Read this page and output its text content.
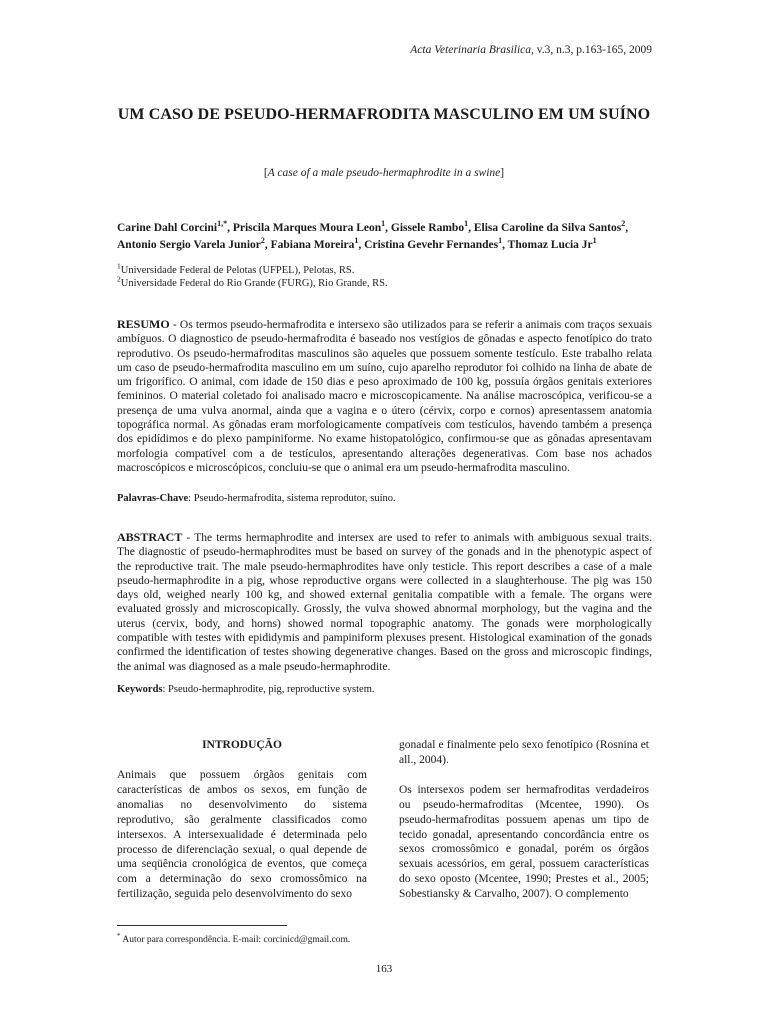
Acta Veterinaria Brasilica, v.3, n.3, p.163-165, 2009
UM CASO DE PSEUDO-HERMAFRODITA MASCULINO EM UM SUÍNO
[A case of a male pseudo-hermaphrodite in a swine]
Carine Dahl Corcini$^{1,*}$, Priscila Marques Moura Leon$^1$, Gissele Rambo$^1$, Elisa Caroline da Silva Santos$^2$,
Antonio Sergio Varela Junior$^2$, Fabiana Moreira$^1$, Cristina Gevehr Fernandes$^1$, Thomaz Lucia Jr$^1$
$^1$Universidade Federal de Pelotas (UFPEL), Pelotas, RS.
$^2$Universidade Federal do Rio Grande (FURG), Rio Grande, RS.
RESUMO - Os termos pseudo-hermafrodita e intersexo são utilizados para se referir a animais com traços sexuais ambíguos. O diagnostico de pseudo-hermafrodita é baseado nos vestígios de gônadas e aspecto fenotípico do trato reprodutivo. Os pseudo-hermafroditas masculinos são aqueles que possuem somente testículo. Este trabalho relata um caso de pseudo-hermafrodita masculino em um suíno, cujo aparelho reprodutor foi colhido na linha de abate de um frigorífico. O animal, com idade de 150 dias e peso aproximado de 100 kg, possuía órgãos genitais exteriores femininos. O material coletado foi analisado macro e microscopicamente. Na análise macroscópica, verificou-se a presença de uma vulva anormal, ainda que a vagina e o útero (cérvix, corpo e cornos) apresentassem anatomia topográfica normal. As gônadas eram morfologicamente compatíveis com testículos, havendo também a presença dos epidídimos e do plexo pampiniforme. No exame histopatológico, confirmou-se que as gônadas apresentavam morfologia compatível com a de testículos, apresentando alterações degenerativas. Com base nos achados macroscópicos e microscópicos, concluiu-se que o animal era um pseudo-hermafrodita masculino.
Palavras-Chave: Pseudo-hermafrodita, sistema reprodutor, suíno.
ABSTRACT - The terms hermaphrodite and intersex are used to refer to animals with ambiguous sexual traits. The diagnostic of pseudo-hermaphrodites must be based on survey of the gonads and in the phenotypic aspect of the reproductive trait. The male pseudo-hermaphrodites have only testicle. This report describes a case of a male pseudo-hermaphrodite in a pig, whose reproductive organs were collected in a slaughterhouse. The pig was 150 days old, weighed nearly 100 kg, and showed external genitalia compatible with a female. The organs were evaluated grossly and microscopically. Grossly, the vulva showed abnormal morphology, but the vagina and the uterus (cervix, body, and horns) showed normal topographic anatomy. The gonads were morphologically compatible with testes with epididymis and pampiniform plexuses present. Histological examination of the gonads confirmed the identification of testes showing degenerative changes. Based on the gross and microscopic findings, the animal was diagnosed as a male pseudo-hermaphrodite.
Keywords: Pseudo-hermaphrodite, pig, reproductive system.
INTRODUÇÃO

Animais que possuem órgãos genitais com características de ambos os sexos, em função de anomalias no desenvolvimento do sistema reprodutivo, são geralmente classificados como intersexos. A intersexualidade é determinada pelo processo de diferenciação sexual, o qual depende de uma seqüência cronológica de eventos, que começa com a determinação do sexo cromossômico na fertilização, seguida pelo desenvolvimento do sexo

gonadal e finalmente pelo sexo fenotípico (Rosnina et all., 2004).

Os intersexos podem ser hermafroditas verdadeiros ou pseudo-hermafroditas (Mcentee, 1990). Os pseudo-hermafroditas possuem apenas um tipo de tecido gonadal, apresentando concordância entre os sexos cromossômico e gonadal, porém os órgãos sexuais acessórios, em geral, possuem características do sexo oposto (Mcentee, 1990; Prestes et al., 2005; Sobestiansky & Carvalho, 2007). O complemento

* Autor para correspondência. E-mail: corcinicd@gmail.com.
163
